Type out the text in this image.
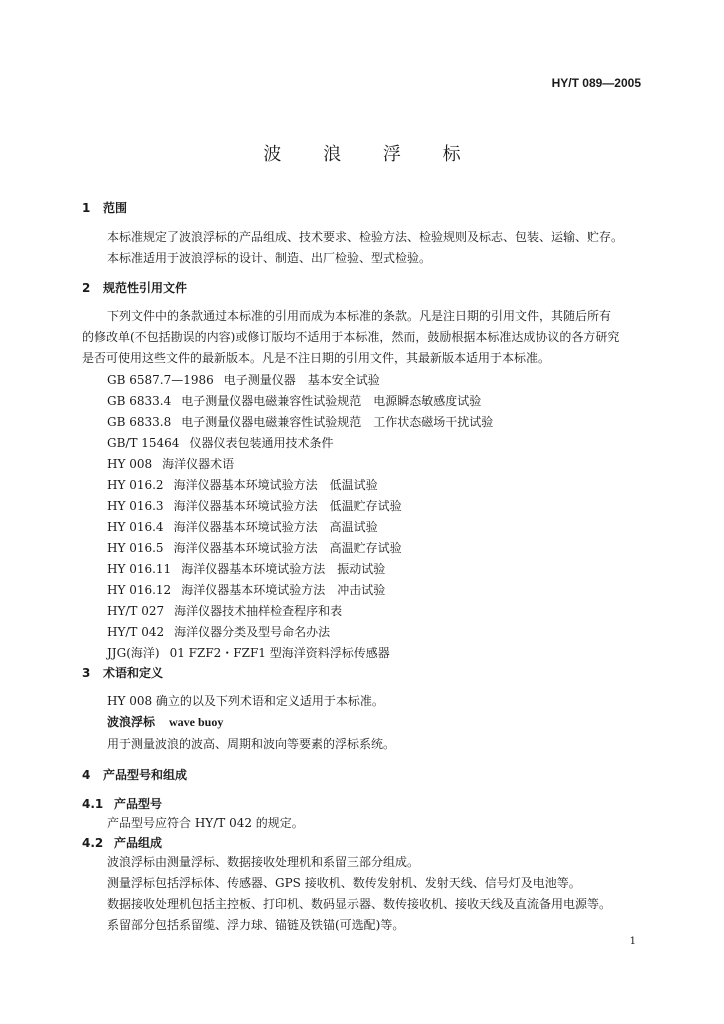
HY/T 089—2005
波 浪 浮 标
1 范围
本标准规定了波浪浮标的产品组成、技术要求、检验方法、检验规则及标志、包装、运输、贮存。
本标准适用于波浪浮标的设计、制造、出厂检验、型式检验。
2 规范性引用文件
下列文件中的条款通过本标准的引用而成为本标准的条款。凡是注日期的引用文件，其随后所有
的修改单(不包括勘误的内容)或修订版均不适用于本标准，然而，鼓励根据本标准达成协议的各方研究
是否可使用这些文件的最新版本。凡是不注日期的引用文件，其最新版本适用于本标准。
GB 6587.7—1986 电子测量仪器　基本安全试验
GB 6833.4 电子测量仪器电磁兼容性试验规范　电源瞬态敏感度试验
GB 6833.8 电子测量仪器电磁兼容性试验规范　工作状态磁场干扰试验
GB/T 15464 仪器仪表包装通用技术条件
HY 008 海洋仪器术语
HY 016.2 海洋仪器基本环境试验方法　低温试验
HY 016.3 海洋仪器基本环境试验方法　低温贮存试验
HY 016.4 海洋仪器基本环境试验方法　高温试验
HY 016.5 海洋仪器基本环境试验方法　高温贮存试验
HY 016.11 海洋仪器基本环境试验方法　振动试验
HY 016.12 海洋仪器基本环境试验方法　冲击试验
HY/T 027 海洋仪器技术抽样检查程序和表
HY/T 042 海洋仪器分类及型号命名办法
JJG(海洋) 01 FZF2・FZF1 型海洋资料浮标传感器
3 术语和定义
HY 008 确立的以及下列术语和定义适用于本标准。
波浪浮标 wave buoy
用于测量波浪的波高、周期和波向等要素的浮标系统。
4 产品型号和组成
4.1 产品型号
产品型号应符合 HY/T 042 的规定。
4.2 产品组成
波浪浮标由测量浮标、数据接收处理机和系留三部分组成。
测量浮标包括浮标体、传感器、GPS 接收机、数传发射机、发射天线、信号灯及电池等。
数据接收处理机包括主控板、打印机、数码显示器、数传接收机、接收天线及直流备用电源等。
系留部分包括系留缆、浮力球、锚链及铁锚(可选配)等。
1
